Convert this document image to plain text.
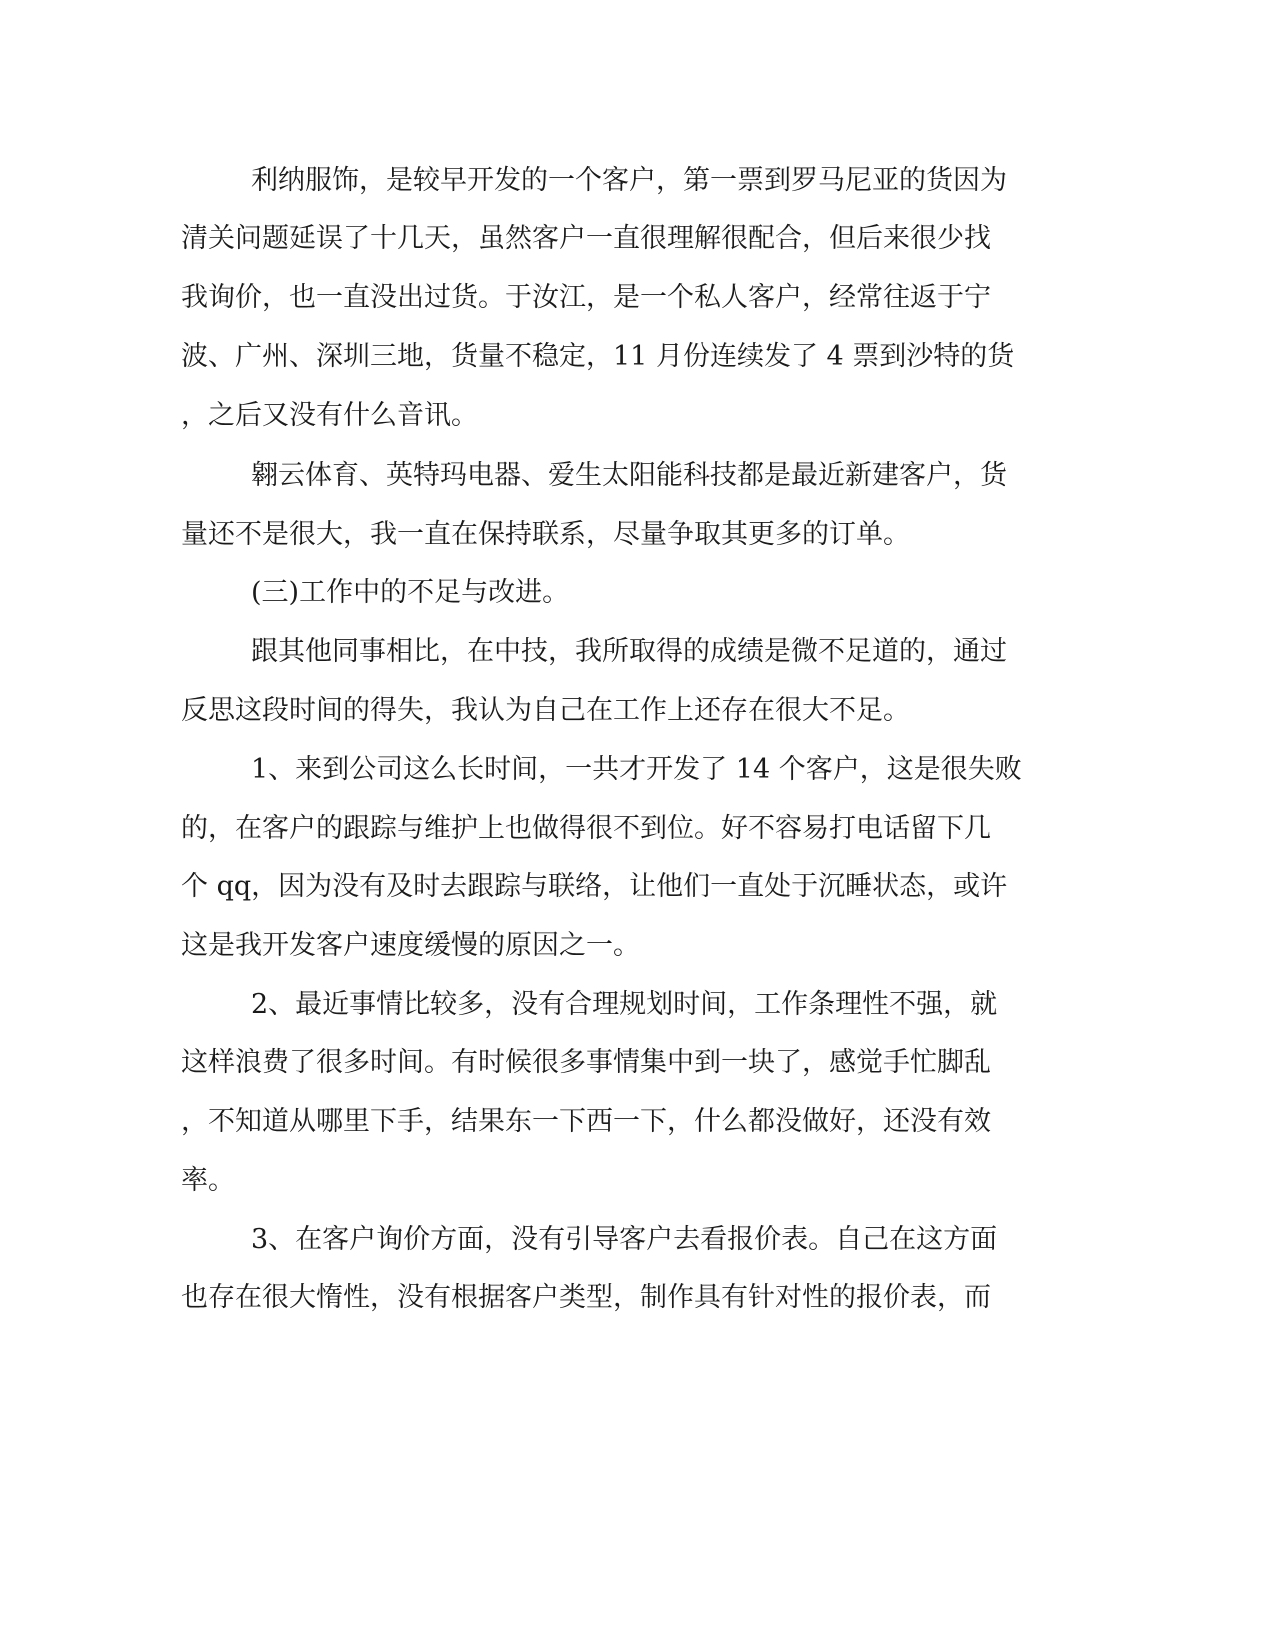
利纳服饰，是较早开发的一个客户，第一票到罗马尼亚的货因为

清关问题延误了十几天，虽然客户一直很理解很配合，但后来很少找

我询价，也一直没出过货。于汝江，是一个私人客户，经常往返于宁

波、广州、深圳三地，货量不稳定，11 月份连续发了 4 票到沙特的货

，之后又没有什么音讯。

翱云体育、英特玛电器、爱生太阳能科技都是最近新建客户，货

量还不是很大，我一直在保持联系，尽量争取其更多的订单。

(三)工作中的不足与改进。

跟其他同事相比，在中技，我所取得的成绩是微不足道的，通过

反思这段时间的得失，我认为自己在工作上还存在很大不足。

1、来到公司这么长时间，一共才开发了 14 个客户，这是很失败

的，在客户的跟踪与维护上也做得很不到位。好不容易打电话留下几

个 qq，因为没有及时去跟踪与联络，让他们一直处于沉睡状态，或许

这是我开发客户速度缓慢的原因之一。

2、最近事情比较多，没有合理规划时间，工作条理性不强，就

这样浪费了很多时间。有时候很多事情集中到一块了，感觉手忙脚乱

，不知道从哪里下手，结果东一下西一下，什么都没做好，还没有效

率。

3、在客户询价方面，没有引导客户去看报价表。自己在这方面

也存在很大惰性，没有根据客户类型，制作具有针对性的报价表，而
